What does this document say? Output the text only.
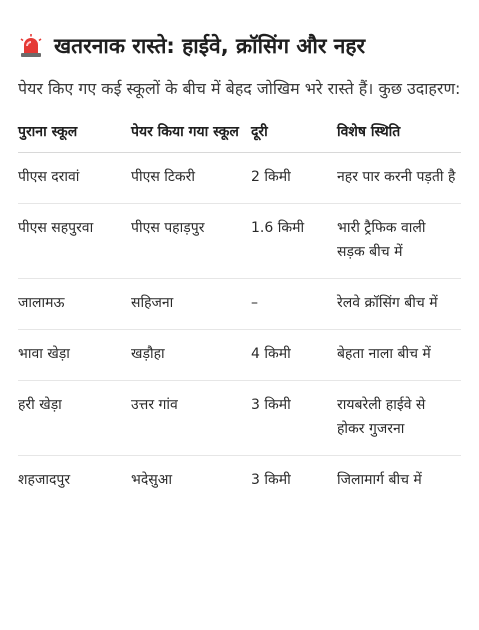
खतरनाक रास्ते: हाईवे, क्रॉसिंग और नहर

पेयर किए गए कई स्कूलों के बीच में बेहद जोखिम भरे रास्ते हैं। कुछ उदाहरण:

पुराना स्कूल	पेयर किया गया स्कूल	दूरी	विशेष स्थिति
पीएस दरावां	पीएस टिकरी	2 किमी	नहर पार करनी पड़ती है
पीएस सहपुरवा	पीएस पहाड़पुर	1.6 किमी	भारी ट्रैफिक वाली सड़क बीच में
जालामऊ	सहिजना	–	रेलवे क्रॉसिंग बीच में
भावा खेड़ा	खड़ौहा	4 किमी	बेहता नाला बीच में
हरी खेड़ा	उत्तर गांव	3 किमी	रायबरेली हाईवे से होकर गुजरना
शहजादपुर	भदेसुआ	3 किमी	जिलामार्ग बीच में
